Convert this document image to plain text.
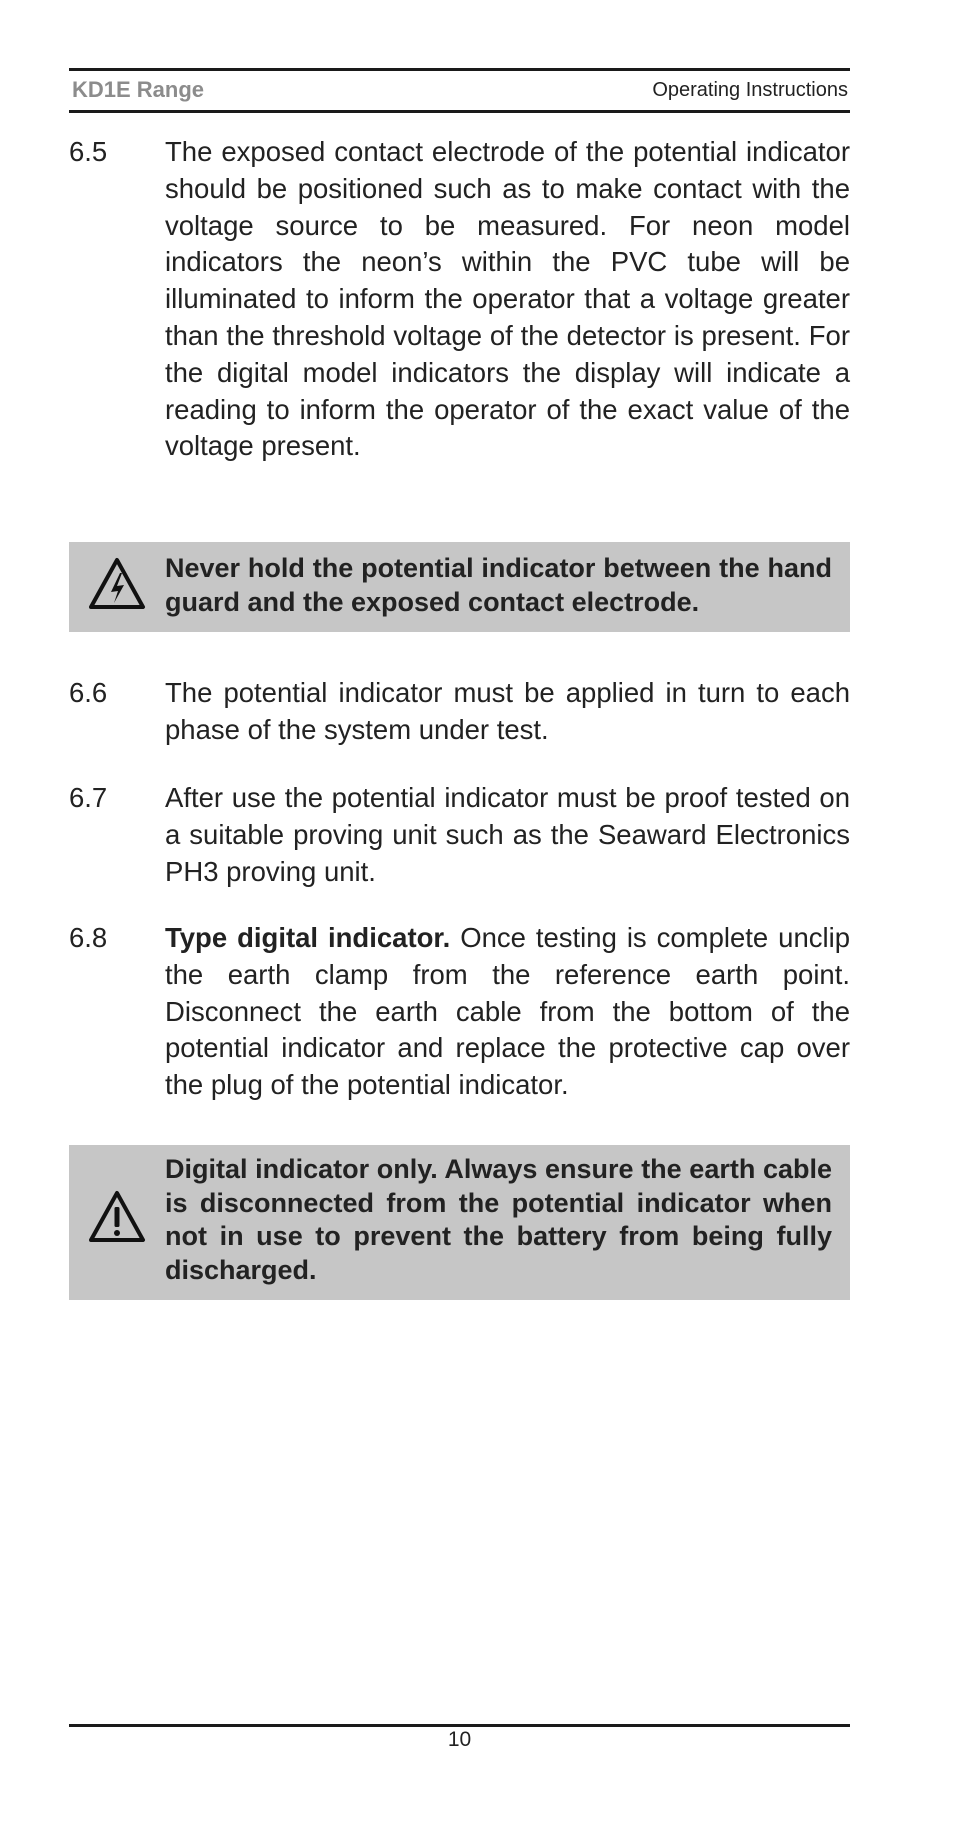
KD1E Range	Operating Instructions
6.5 The exposed contact electrode of the potential indicator should be positioned such as to make contact with the voltage source to be measured. For neon model indicators the neon’s within the PVC tube will be illuminated to inform the operator that a voltage greater than the threshold voltage of the detector is present. For the digital model indicators the display will indicate a reading to inform the operator of the exact value of the voltage present.
Never hold the potential indicator between the hand guard and the exposed contact electrode.
6.6 The potential indicator must be applied in turn to each phase of the system under test.
6.7 After use the potential indicator must be proof tested on a suitable proving unit such as the Seaward Electronics PH3 proving unit.
6.8 Type digital indicator. Once testing is complete unclip the earth clamp from the reference earth point. Disconnect the earth cable from the bottom of the potential indicator and replace the protective cap over the plug of the potential indicator.
Digital indicator only. Always ensure the earth cable is disconnected from the potential indicator when not in use to prevent the battery from being fully discharged.
10
